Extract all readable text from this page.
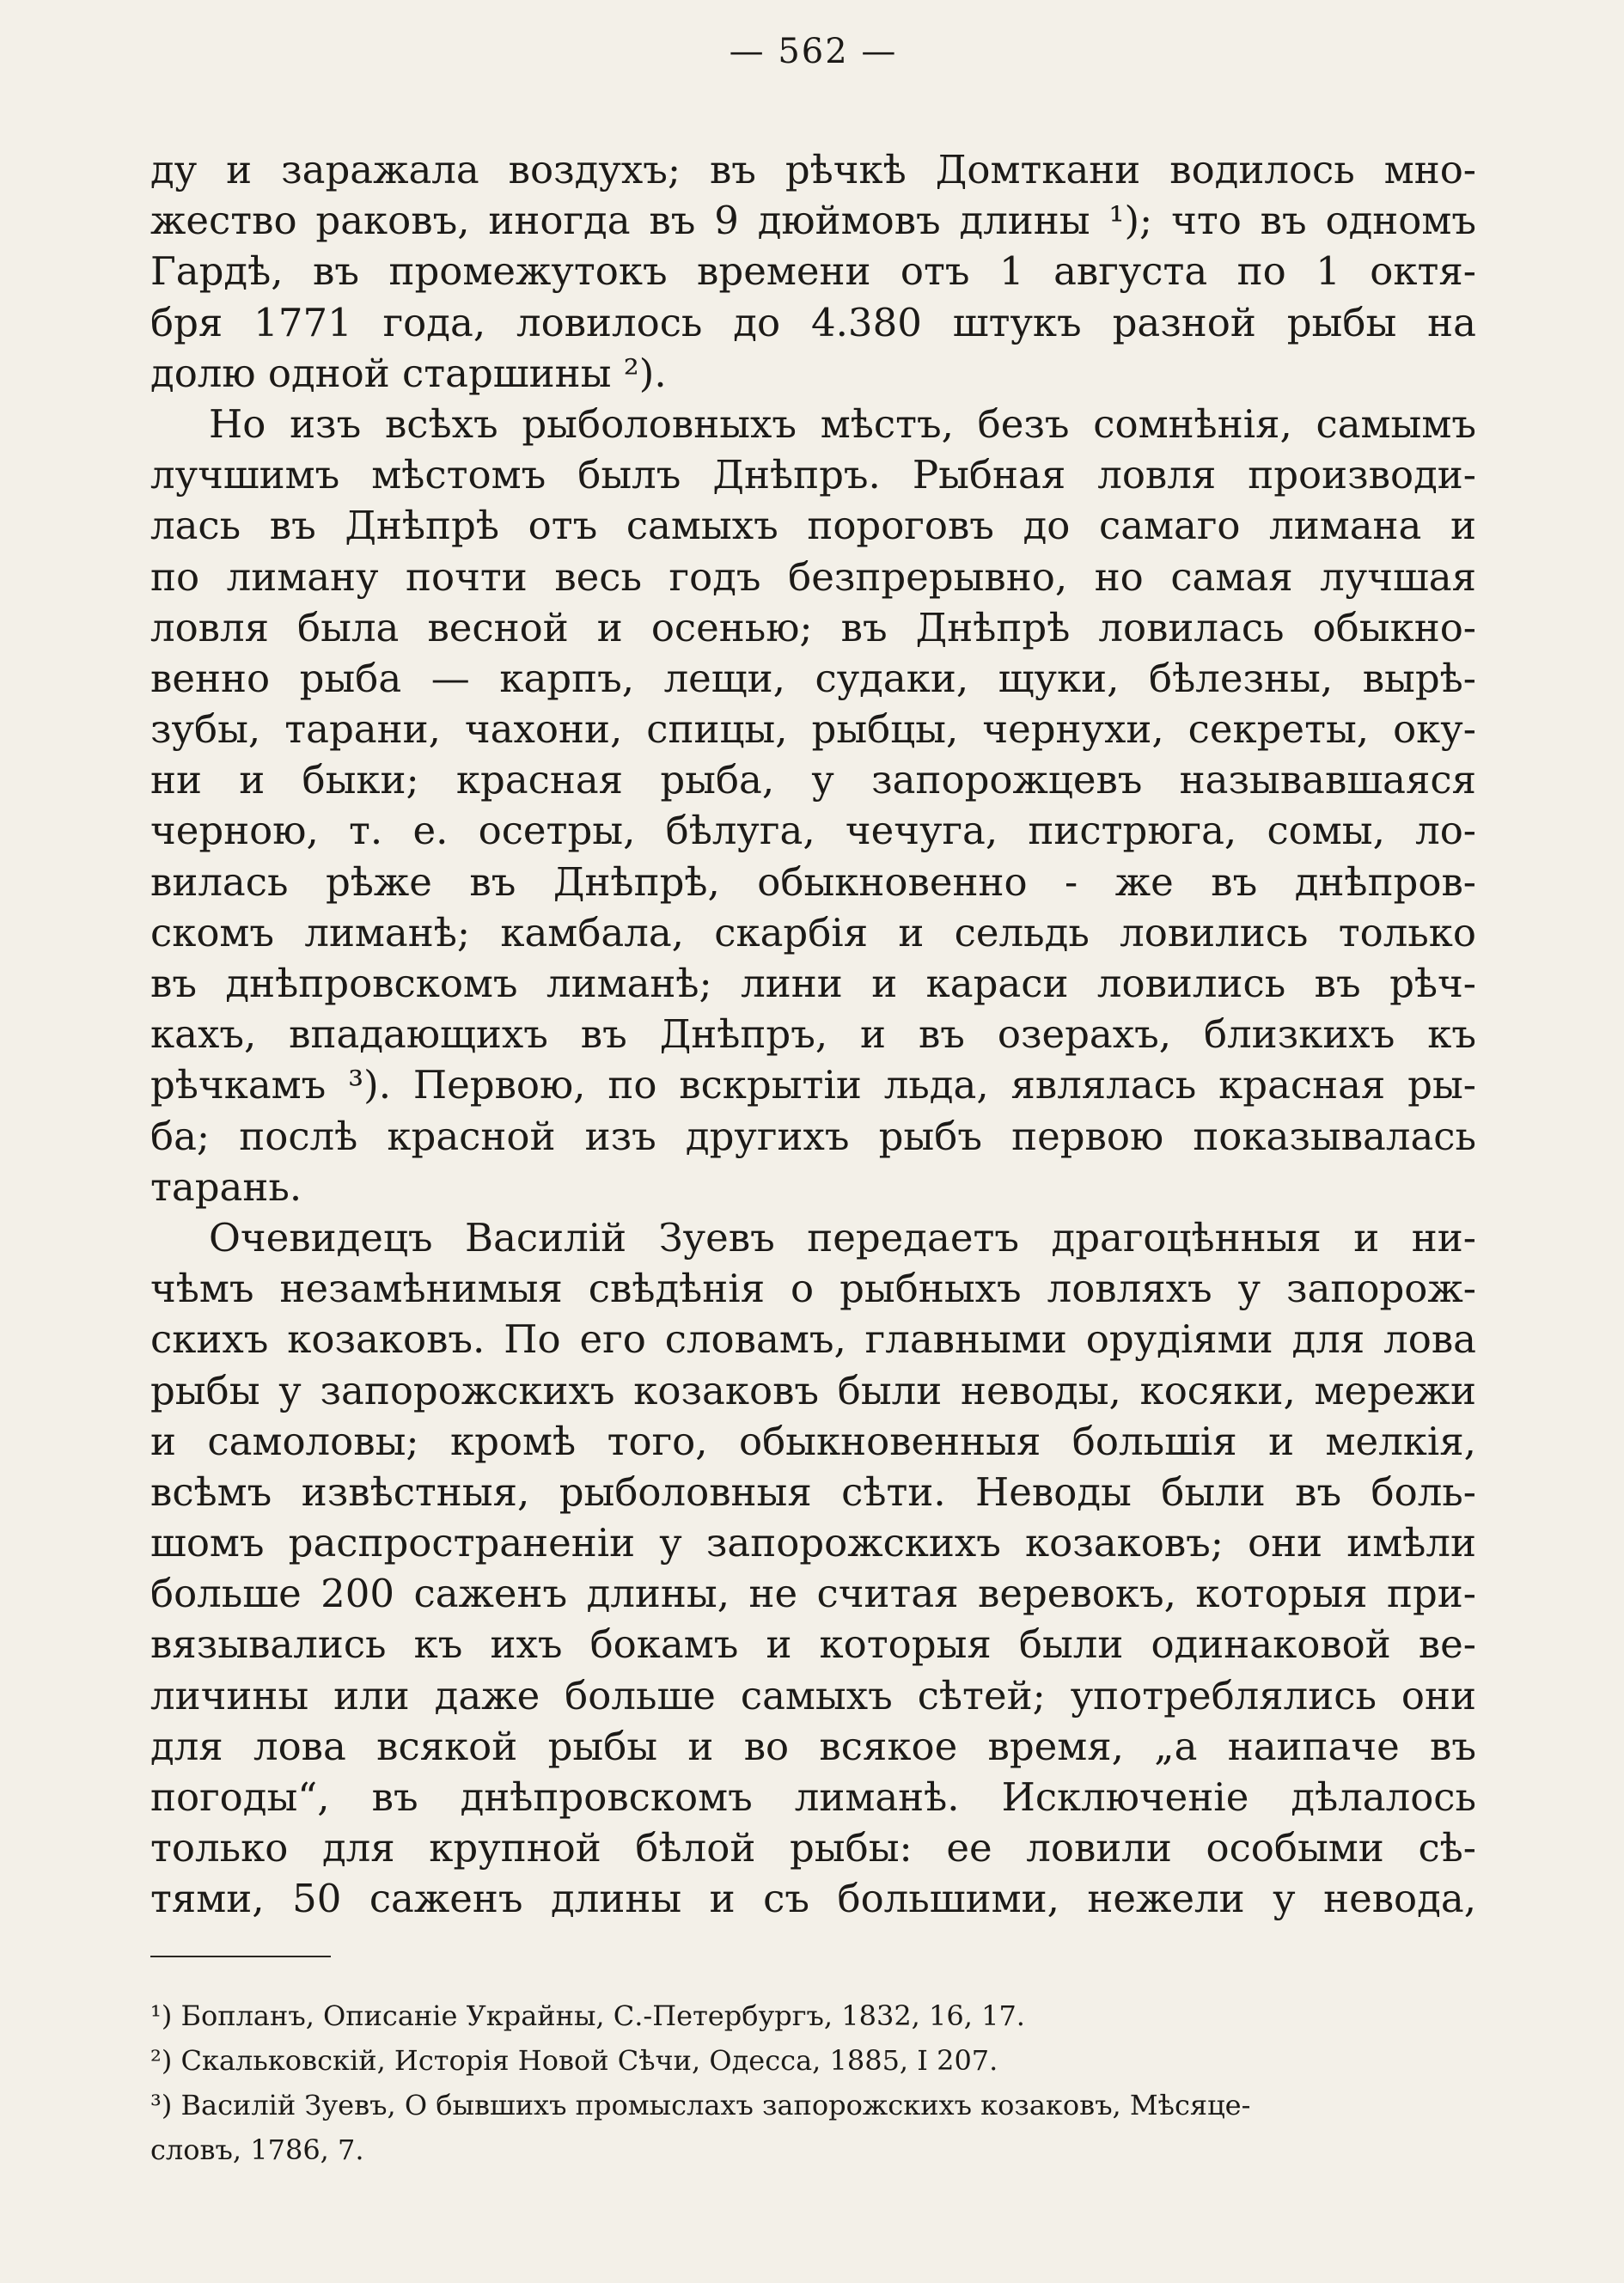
— 562 —
ду и заражала воздухъ; въ рѣчкѣ Домткани водилось мно-
жество раковъ, иногда въ 9 дюймовъ длины ¹); что въ одномъ
Гардѣ, въ промежутокъ времени отъ 1 августа по 1 октя-
бря 1771 года, ловилось до 4.380 штукъ разной рыбы на
долю одной старшины ²).
Но изъ всѣхъ рыболовныхъ мѣстъ, безъ сомнѣнія, самымъ
лучшимъ мѣстомъ былъ Днѣпръ. Рыбная ловля производи-
лась въ Днѣпрѣ отъ самыхъ пороговъ до самаго лимана и
по лиману почти весь годъ безпрерывно, но самая лучшая
ловля была весной и осенью; въ Днѣпрѣ ловилась обыкно-
венно рыба — карпъ, лещи, судаки, щуки, бѣлезны, вырѣ-
зубы, тарани, чахони, спицы, рыбцы, чернухи, секреты, оку-
ни и быки; красная рыба, у запорожцевъ называвшаяся
черною, т. е. осетры, бѣлуга, чечуга, пистрюга, сомы, ло-
вилась рѣже въ Днѣпрѣ, обыкновенно - же въ днѣпров-
скомъ лиманѣ; камбала, скарбія и сельдь ловились только
въ днѣпровскомъ лиманѣ; лини и караси ловились въ рѣч-
кахъ, впадающихъ въ Днѣпръ, и въ озерахъ, близкихъ къ
рѣчкамъ ³). Первою, по вскрытіи льда, являлась красная ры-
ба; послѣ красной изъ другихъ рыбъ первою показывалась
тарань.
Очевидецъ Василій Зуевъ передаетъ драгоцѣнныя и ни-
чѣмъ незамѣнимыя свѣдѣнія о рыбныхъ ловляхъ у запорож-
скихъ козаковъ. По его словамъ, главными орудіями для лова
рыбы у запорожскихъ козаковъ были неводы, косяки, мережи
и самоловы; кромѣ того, обыкновенныя большія и мелкія,
всѣмъ извѣстныя, рыболовныя сѣти. Неводы были въ боль-
шомъ распространеніи у запорожскихъ козаковъ; они имѣли
больше 200 саженъ длины, не считая веревокъ, которыя при-
вязывались къ ихъ бокамъ и которыя были одинаковой ве-
личины или даже больше самыхъ сѣтей; употреблялись они
для лова всякой рыбы и во всякое время, „а наипаче въ
погоды“, въ днѣпровскомъ лиманѣ. Исключеніе дѣлалось
только для крупной бѣлой рыбы: ее ловили особыми сѣ-
тями, 50 саженъ длины и съ большими, нежели у невода,
¹) Бопланъ, Описаніе Украйны, С.-Петербургъ, 1832, 16, 17.
²) Скальковскій, Исторія Новой Сѣчи, Одесса, 1885, I 207.
³) Василій Зуевъ, О бывшихъ промыслахъ запорожскихъ козаковъ, Мѣсяце-
словъ, 1786, 7.
